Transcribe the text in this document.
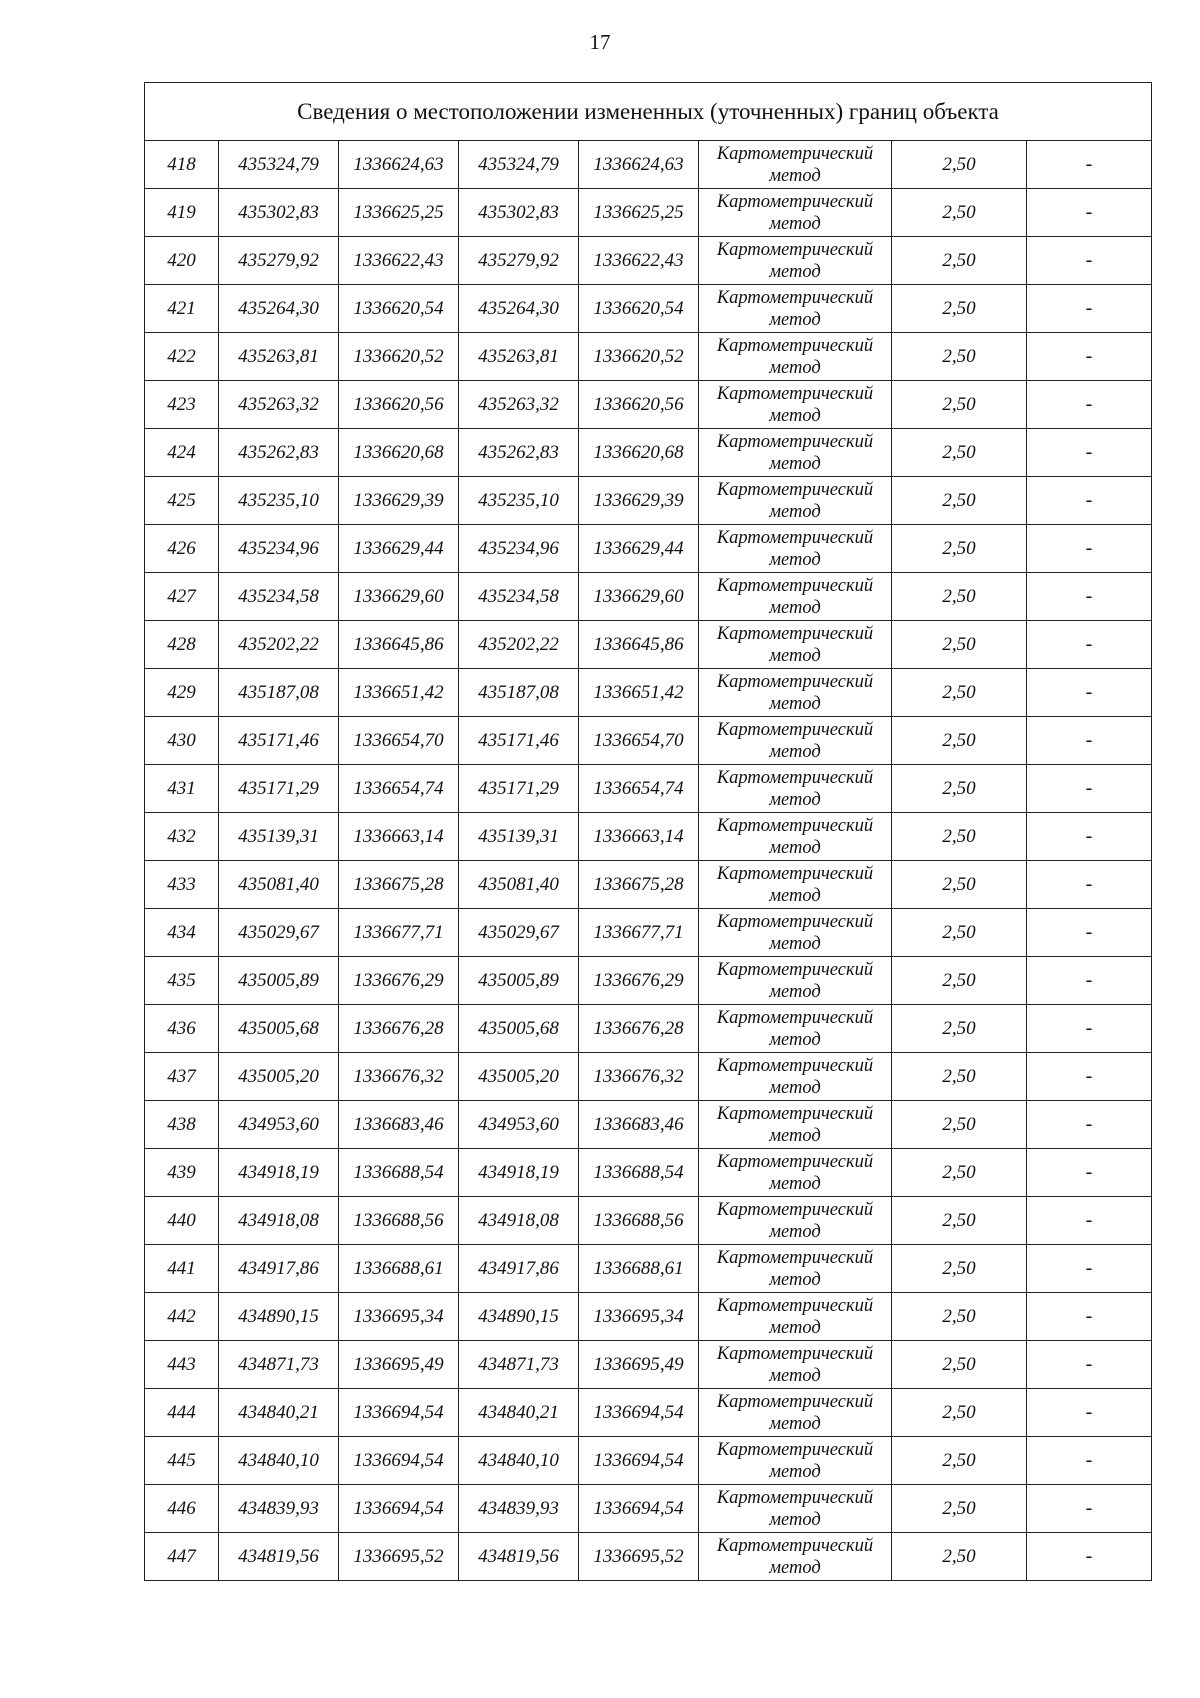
17
Сведения о местоположении измененных (уточненных) границ объекта							
418	435324,79	1336624,63	435324,79	1336624,63	Картометрический метод	2,50	-
419	435302,83	1336625,25	435302,83	1336625,25	Картометрический метод	2,50	-
420	435279,92	1336622,43	435279,92	1336622,43	Картометрический метод	2,50	-
421	435264,30	1336620,54	435264,30	1336620,54	Картометрический метод	2,50	-
422	435263,81	1336620,52	435263,81	1336620,52	Картометрический метод	2,50	-
423	435263,32	1336620,56	435263,32	1336620,56	Картометрический метод	2,50	-
424	435262,83	1336620,68	435262,83	1336620,68	Картометрический метод	2,50	-
425	435235,10	1336629,39	435235,10	1336629,39	Картометрический метод	2,50	-
426	435234,96	1336629,44	435234,96	1336629,44	Картометрический метод	2,50	-
427	435234,58	1336629,60	435234,58	1336629,60	Картометрический метод	2,50	-
428	435202,22	1336645,86	435202,22	1336645,86	Картометрический метод	2,50	-
429	435187,08	1336651,42	435187,08	1336651,42	Картометрический метод	2,50	-
430	435171,46	1336654,70	435171,46	1336654,70	Картометрический метод	2,50	-
431	435171,29	1336654,74	435171,29	1336654,74	Картометрический метод	2,50	-
432	435139,31	1336663,14	435139,31	1336663,14	Картометрический метод	2,50	-
433	435081,40	1336675,28	435081,40	1336675,28	Картометрический метод	2,50	-
434	435029,67	1336677,71	435029,67	1336677,71	Картометрический метод	2,50	-
435	435005,89	1336676,29	435005,89	1336676,29	Картометрический метод	2,50	-
436	435005,68	1336676,28	435005,68	1336676,28	Картометрический метод	2,50	-
437	435005,20	1336676,32	435005,20	1336676,32	Картометрический метод	2,50	-
438	434953,60	1336683,46	434953,60	1336683,46	Картометрический метод	2,50	-
439	434918,19	1336688,54	434918,19	1336688,54	Картометрический метод	2,50	-
440	434918,08	1336688,56	434918,08	1336688,56	Картометрический метод	2,50	-
441	434917,86	1336688,61	434917,86	1336688,61	Картометрический метод	2,50	-
442	434890,15	1336695,34	434890,15	1336695,34	Картометрический метод	2,50	-
443	434871,73	1336695,49	434871,73	1336695,49	Картометрический метод	2,50	-
444	434840,21	1336694,54	434840,21	1336694,54	Картометрический метод	2,50	-
445	434840,10	1336694,54	434840,10	1336694,54	Картометрический метод	2,50	-
446	434839,93	1336694,54	434839,93	1336694,54	Картометрический метод	2,50	-
447	434819,56	1336695,52	434819,56	1336695,52	Картометрический метод	2,50	-
